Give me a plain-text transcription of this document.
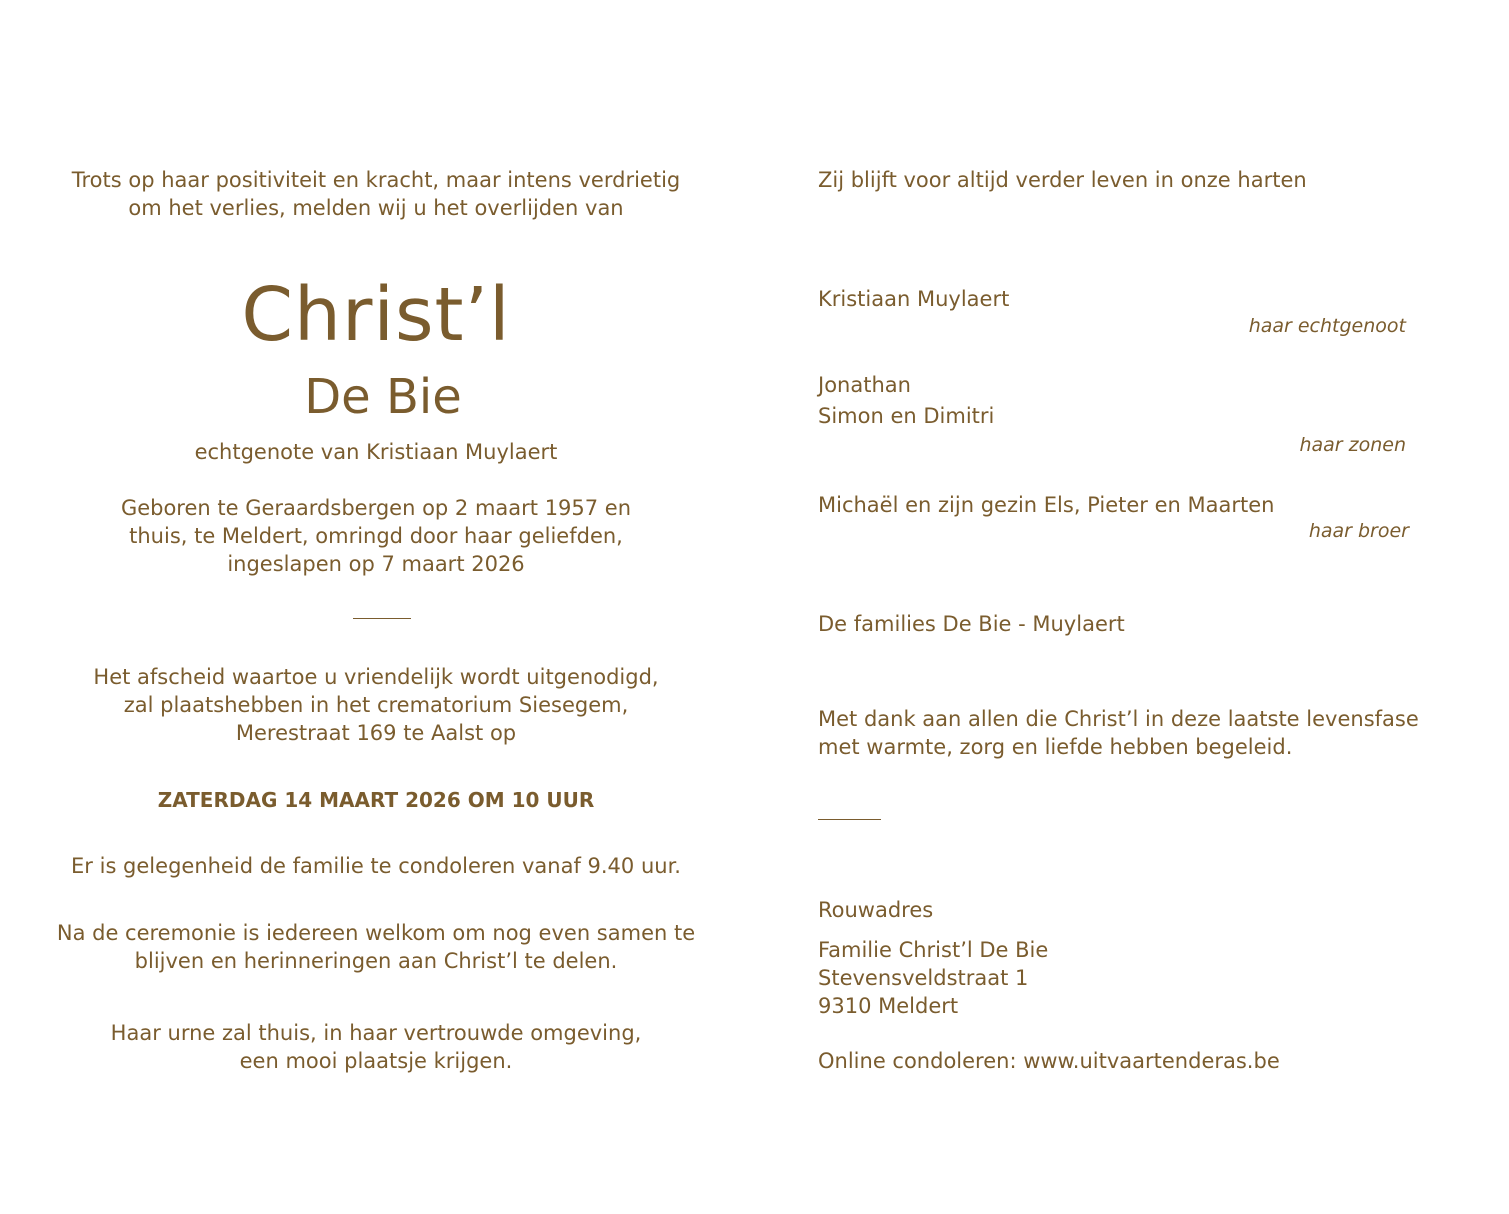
Trots op haar positiviteit en kracht, maar intens verdrietig
om het verlies, melden wij u het overlijden van
Christ’l
De Bie
echtgenote van Kristiaan Muylaert
Geboren te Geraardsbergen op 2 maart 1957 en
thuis, te Meldert, omringd door haar geliefden,
ingeslapen op 7 maart 2026
Het afscheid waartoe u vriendelijk wordt uitgenodigd,
zal plaatshebben in het crematorium Siesegem,
Merestraat 169 te Aalst op
ZATERDAG 14 MAART 2026 OM 10 UUR
Er is gelegenheid de familie te condoleren vanaf 9.40 uur.
Na de ceremonie is iedereen welkom om nog even samen te
blijven en herinneringen aan Christ’l te delen.
Haar urne zal thuis, in haar vertrouwde omgeving,
een mooi plaatsje krijgen.
Zij blijft voor altijd verder leven in onze harten
Kristiaan Muylaert
haar echtgenoot
Jonathan
Simon en Dimitri
haar zonen
Michaël en zijn gezin Els, Pieter en Maarten
haar broer
De families De Bie - Muylaert
Met dank aan allen die Christ’l in deze laatste levensfase
met warmte, zorg en liefde hebben begeleid.
Rouwadres
Familie Christ’l De Bie
Stevensveldstraat 1
9310 Meldert
Online condoleren: www.uitvaartenderas.be
